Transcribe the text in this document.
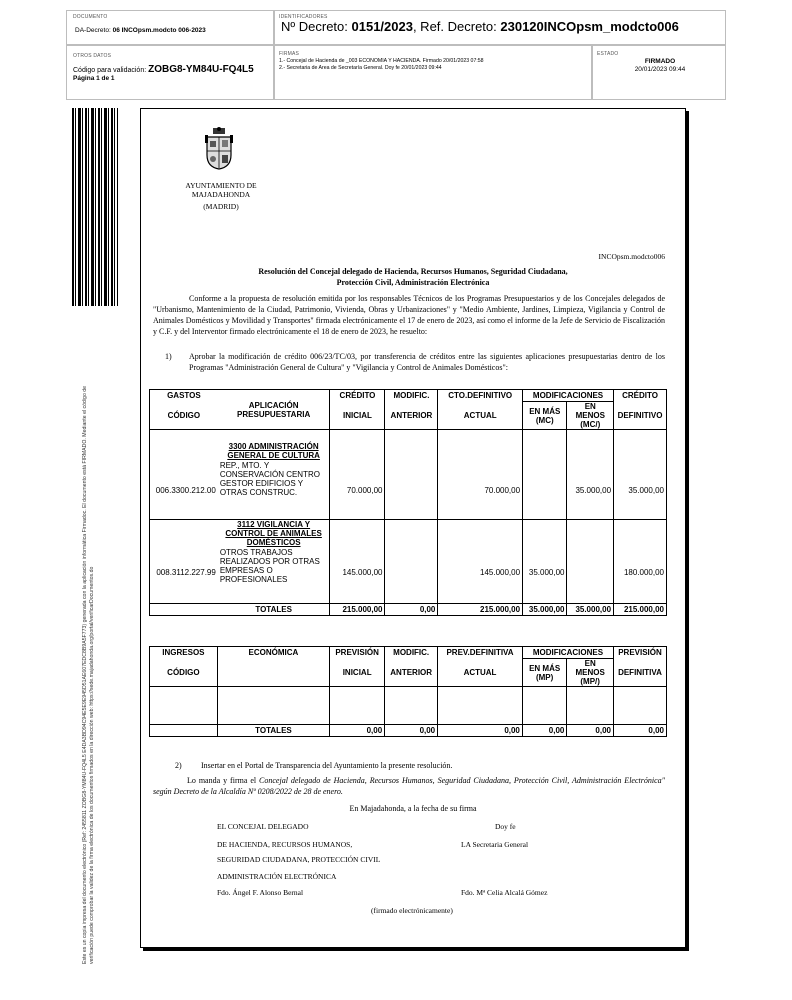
DOCUMENTO
DA-Decreto: 06 INCOpsm.modcto 006-2023
IDENTIFICADORES
Nº Decreto: 0151/2023, Ref. Decreto: 230120INCOpsm_modcto006
OTROS DATOS
Código para validación: ZOBG8-YM84U-FQ4L5
Página 1 de 1
FIRMAS
1.- Concejal de Hacienda de _003 ECONOMIA Y HACIENDA. Firmado 20/01/2023 07:58
2.- Secretaria de Area de Secretaría General. Doy fe 20/01/2023 09:44
ESTADO
FIRMADO
20/01/2023 09:44
Este es un copia impresa del documento electrónico (Ref: 2455811 ZOBG8-YM84U-FQ4L5 E4DA3BD94C94E5E9E945D51AE607EDC8B9A5F773) generada con la aplicación informática Firmadoc. El documento está FIRMADO. Mediante el código de verificación puede comprobar la validez de la firma electrónica de los documentos firmados en la dirección web: https://sede.majadahonda.org/portal/verificarDocumentos.do
AYUNTAMIENTO DE
MAJADAHONDA
(MADRID)
INCOpsm.modcto006
Resolución del Concejal delegado de Hacienda, Recursos Humanos, Seguridad Ciudadana,
Protección Civil, Administración Electrónica
Conforme a la propuesta de resolución emitida por los responsables Técnicos de los Programas Presupuestarios y de los Concejales delegados de "Urbanismo, Mantenimiento de la Ciudad, Patrimonio, Vivienda, Obras y Urbanizaciones" y "Medio Ambiente, Jardines, Limpieza, Vigilancia y Control de Animales Domésticos y Movilidad y Transportes" firmada electrónicamente el 17 de enero de 2023, así como el informe de la Jefe de Servicio de Fiscalización y C.F. y del Interventor firmado electrónicamente el 18 de enero de 2023, he resuelto:
1)	Aprobar la modificación de crédito 006/23/TC/03, por transferencia de créditos entre las siguientes aplicaciones presupuestarias dentro de los Programas "Administración General de Cultura" y "Vigilancia y Control de Animales Domésticos":
GASTOS	APLICACIÓN PRESUPUESTARIA	CRÉDITO	MODIFIC.	CTO.DEFINITIVO	MODIFICACIONES		CRÉDITO
CÓDIGO		INICIAL	ANTERIOR	ACTUAL	EN MÁS (MC)	EN MENOS (MC/)	DEFINITIVO
006.3300.212.00	3300 ADMINISTRACIÓN GENERAL DE CULTURA
REP., MTO. Y CONSERVACIÓN CENTRO GESTOR EDIFICIOS Y OTRAS CONSTRUC.	70.000,00		70.000,00		35.000,00	35.000,00
008.3112.227.99	3112 VIGILANCIA Y CONTROL DE ANIMALES DOMÉSTICOS
OTROS TRABAJOS REALIZADOS POR OTRAS EMPRESAS O PROFESIONALES	145.000,00		145.000,00	35.000,00		180.000,00
	TOTALES	215.000,00	0,00	215.000,00	35.000,00	35.000,00	215.000,00
INGRESOS	ECONÓMICA	PREVISIÓN	MODIFIC.	PREV.DEFINITIVA	MODIFICACIONES		PREVISIÓN
CÓDIGO		INICIAL	ANTERIOR	ACTUAL	EN MÁS (MP)	EN MENOS (MP/)	DEFINITIVA

	TOTALES	0,00	0,00	0,00	0,00	0,00	0,00
2)	Insertar en el Portal de Transparencia del Ayuntamiento la presente resolución.
Lo manda y firma el Concejal delegado de Hacienda, Recursos Humanos, Seguridad Ciudadana, Protección Civil, Administración Electrónica" según Decreto de la Alcaldía Nº 0208/2022 de 28 de enero.
En Majadahonda, a la fecha de su firma
EL CONCEJAL DELEGADO
DE HACIENDA, RECURSOS HUMANOS,
SEGURIDAD CIUDADANA, PROTECCIÓN CIVIL
ADMINISTRACIÓN ELECTRÓNICA
Fdo. Ángel F. Alonso Bernal
Doy fe
LA Secretaria General
Fdo. Mª Celia Alcalá Gómez
(firmado electrónicamente)
